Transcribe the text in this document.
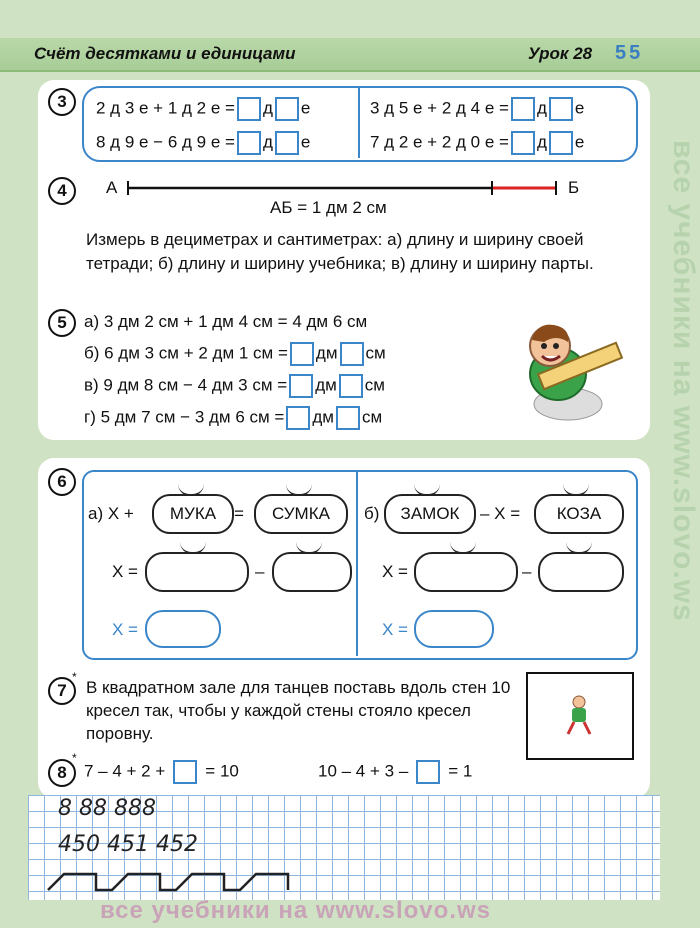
Счёт десятками и единицами	Урок 28 55
3	2 д 3 е + 1 д 2 е = д е	3 д 5 е + 2 д 4 е = д е
8 д 9 е − 6 д 9 е = д е	7 д 2 е + 2 д 0 е = д е
4	А	Б
АБ = 1 дм 2 см
Измерь в дециметрах и сантиметрах: а) длину и ширину своей тетради; б) длину и ширину учебника; в) длину и ширину парты.
5	а) 3 дм 2 см + 1 дм 4 см = 4 дм 6 см
б) 6 дм 3 см + 2 дм 1 см = дм см
в) 9 дм 8 см − 4 дм 3 см = дм см
г) 5 дм 7 см − 3 дм 6 см = дм см
6
а) Х +	МУКА	=	СУМКА
Х =	–
Х =
б)	ЗАМОК	– Х =	КОЗА
Х =	–
Х =
7
*
В квадратном зале для танцев поставь вдоль стен 10 кресел так, чтобы у каждой стены стояло кресел поровну.
8
*
7 – 4 + 2 + = 10	10 – 4 + 3 – = 1
8 88 888
450 451 452
все учебники на www.slovo.ws
все учебники на www.slovo.ws
